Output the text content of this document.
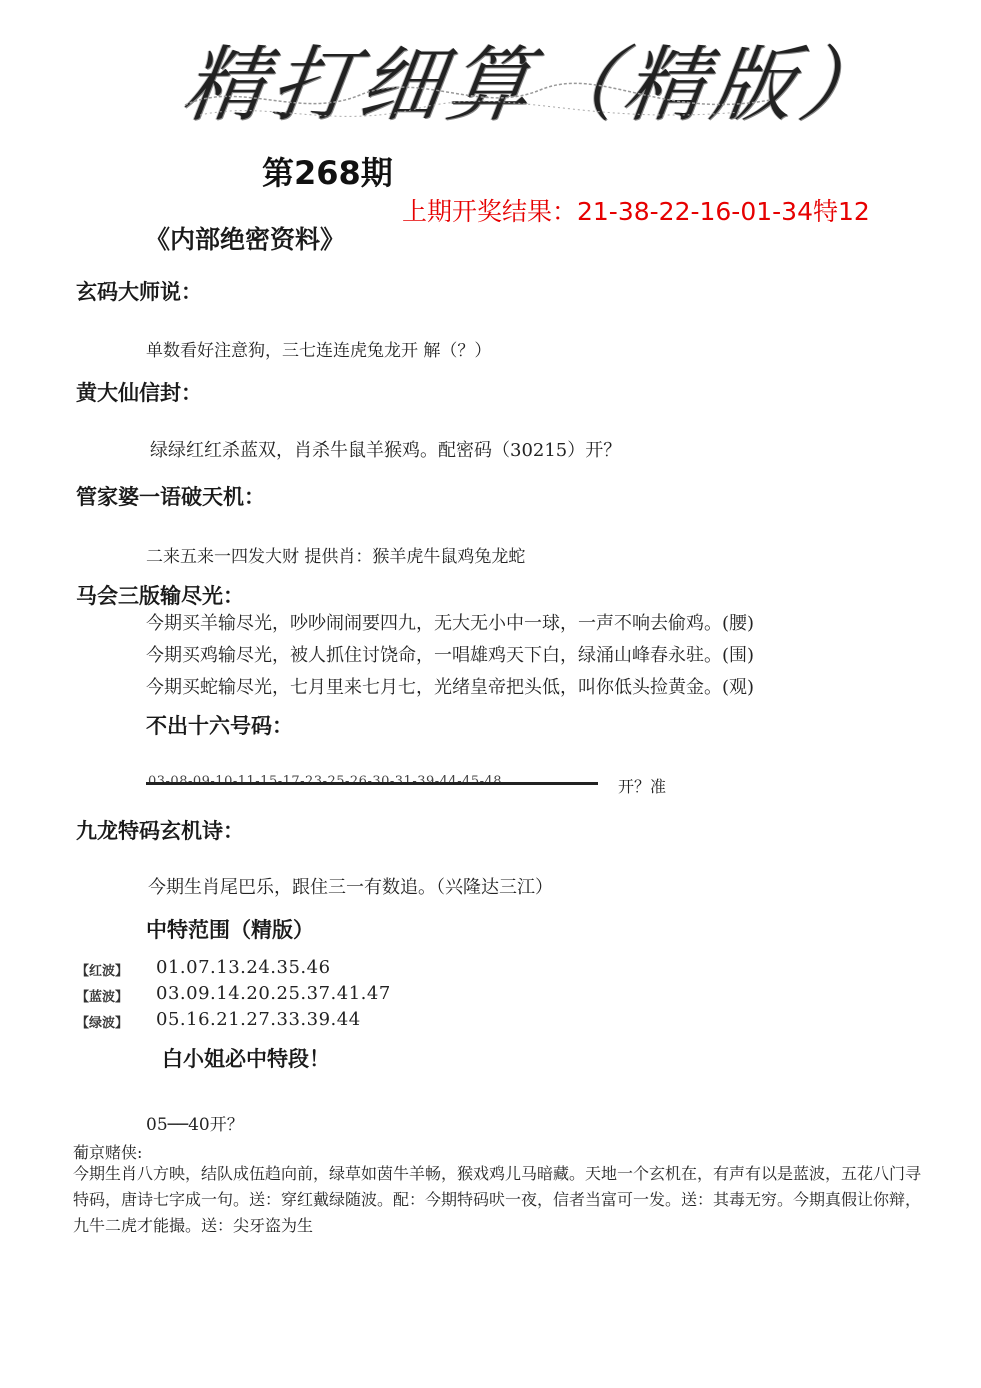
精打细算（精版）
第268期
上期开奖结果：21-38-22-16-01-34特12
《内部绝密资料》
玄码大师说：
单数看好注意狗，三七连连虎兔龙开 解（？）
黄大仙信封：
绿绿红红杀蓝双，肖杀牛鼠羊猴鸡。配密码（30215）开？
管家婆一语破天机：
二来五来一四发大财 提供肖：猴羊虎牛鼠鸡兔龙蛇
马会三版输尽光：
今期买羊输尽光，吵吵闹闹要四九，无大无小中一球，一声不响去偷鸡。(腰)
今期买鸡输尽光，被人抓住讨饶命，一唱雄鸡天下白，绿涌山峰春永驻。(围)
今期买蛇输尽光，七月里来七月七，光绪皇帝把头低，叫你低头捡黄金。(观)
不出十六号码：
开？准
九龙特码玄机诗：
今期生肖尾巴乐，跟住三一有数追。（兴隆达三江）
中特范围（精版）
【红波】 01.07.13.24.35.46
【蓝波】 03.09.14.20.25.37.41.47
【绿波】 05.16.21.27.33.39.44
白小姐必中特段！
05──40开？
葡京赌侠:
今期生肖八方映，结队成伍趋向前，绿草如茵牛羊畅，猴戏鸡儿马暗藏。天地一个玄机在，有声有以是蓝波，五花八门寻特码，唐诗七字成一句。送：穿红戴绿随波。配：今期特码吠一夜，信者当富可一发。送：其毒无穷。今期真假让你辩，九牛二虎才能撮。送：尖牙盗为生
